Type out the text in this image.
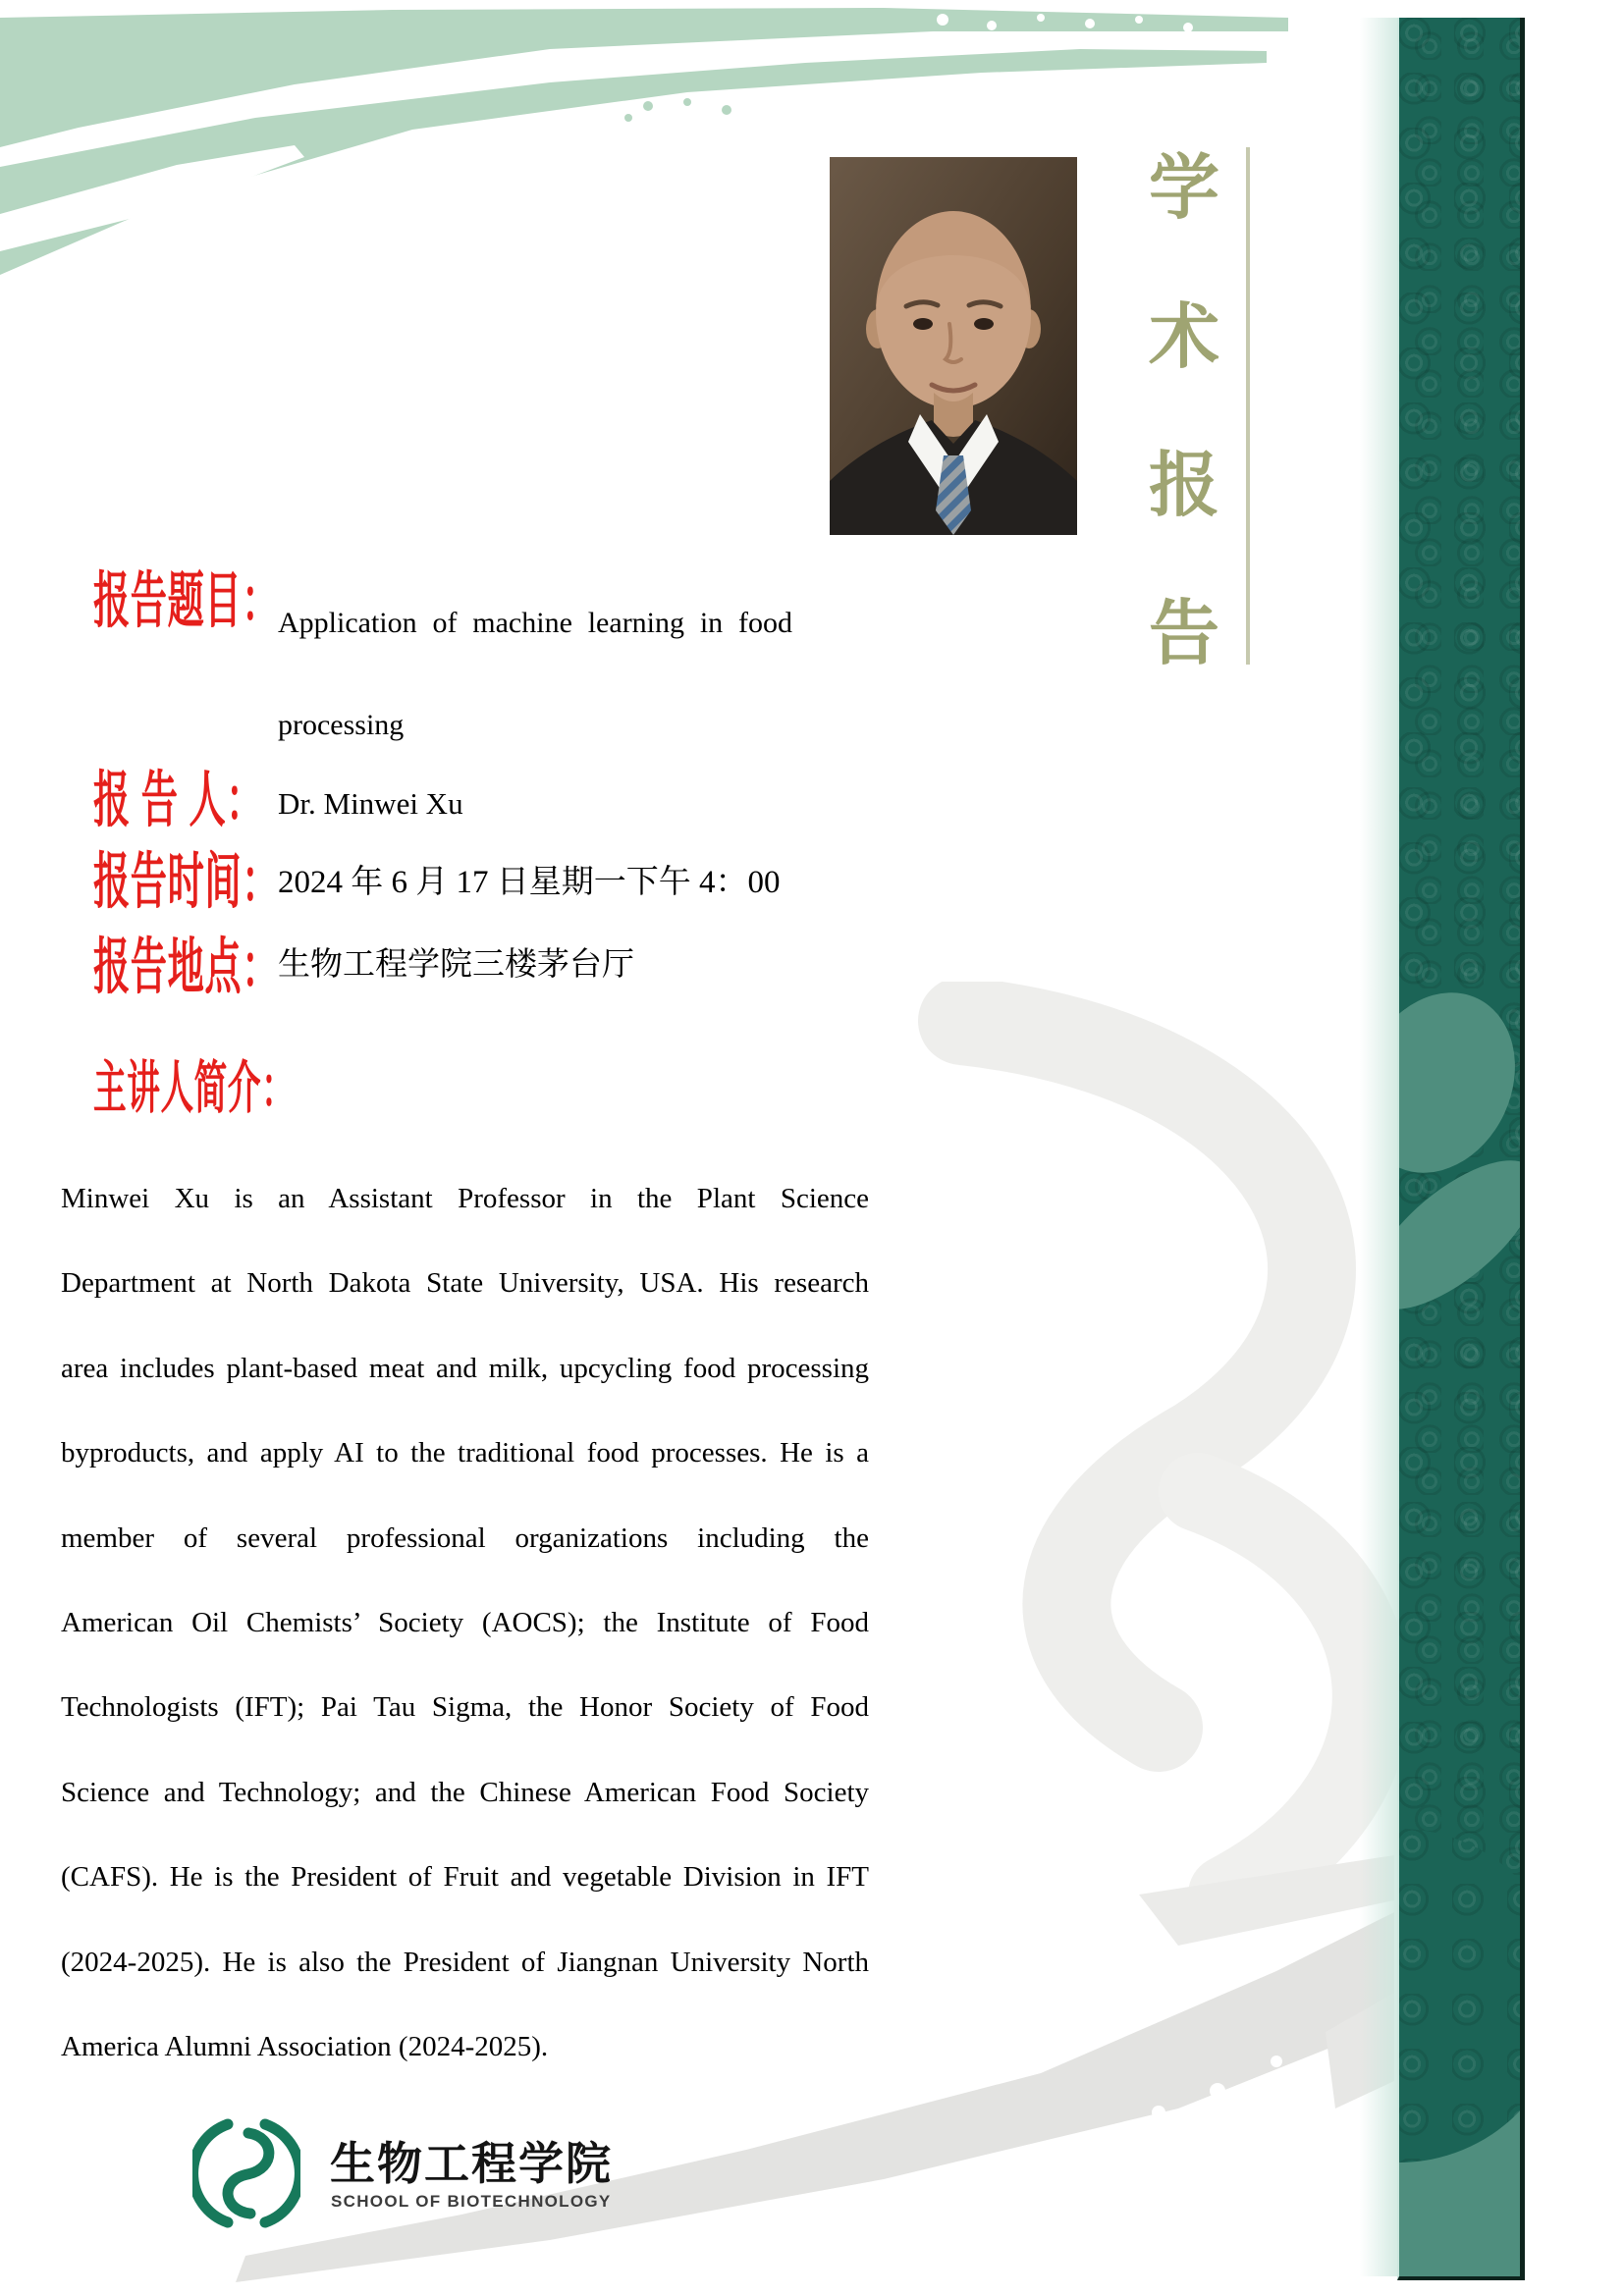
学
术
报
告
报告题目：
Application of machine learning in food
processing
报 告 人： Dr. Minwei Xu
报告时间：
2024 年 6 月 17 日星期一下午 4：00
报告地点：
生物工程学院三楼茅台厅
主讲人简介：
Minwei Xu is an Assistant Professor in the Plant Science
Department at North Dakota State University, USA. His research
area includes plant-based meat and milk, upcycling food processing
byproducts, and apply AI to the traditional food processes. He is a
member of several professional organizations including the
American Oil Chemists’ Society (AOCS); the Institute of Food
Technologists (IFT); Pai Tau Sigma, the Honor Society of Food
Science and Technology; and the Chinese American Food Society
(CAFS). He is the President of Fruit and vegetable Division in IFT
(2024-2025). He is also the President of Jiangnan University North
America Alumni Association (2024-2025).
生物工程学院
SCHOOL OF BIOTECHNOLOGY
